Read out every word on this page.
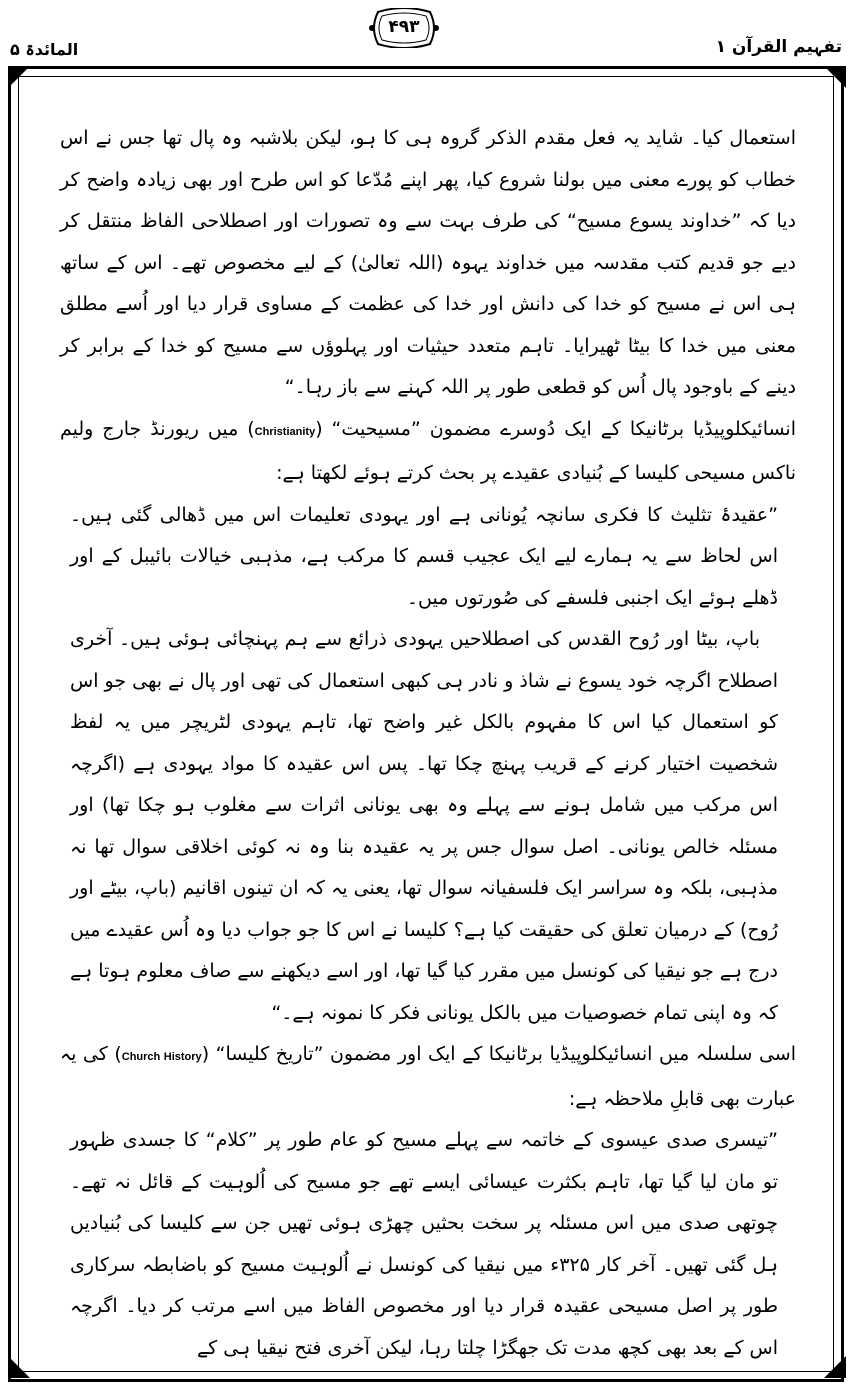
المائدۃ ۵
۴۹۳
تفہیم القرآن ۱

استعمال کیا۔ شاید یہ فعل مقدم الذکر گروہ ہی کا ہو، لیکن بلاشبہ وہ پال تھا جس نے اس خطاب کو پورے معنی میں بولنا شروع کیا، پھر اپنے مُدّعا کو اس طرح اور بھی زیادہ واضح کر دیا کہ ”خداوند یسوع مسیح“ کی طرف بہت سے وہ تصورات اور اصطلاحی الفاظ منتقل کر دیے جو قدیم کتب مقدسہ میں خداوند یہوہ (اللہ تعالیٰ) کے لیے مخصوص تھے۔ اس کے ساتھ ہی اس نے مسیح کو خدا کی دانش اور خدا کی عظمت کے مساوی قرار دیا اور اُسے مطلق معنی میں خدا کا بیٹا ٹھیرایا۔ تاہم متعدد حیثیات اور پہلوؤں سے مسیح کو خدا کے برابر کر دینے کے باوجود پال اُس کو قطعی طور پر اللہ کہنے سے باز رہا۔“

انسائیکلوپیڈیا برٹانیکا کے ایک دُوسرے مضمون ”مسیحیت“ (Christianity) میں ریورنڈ جارج ولیم ناکس مسیحی کلیسا کے بُنیادی عقیدے پر بحث کرتے ہوئے لکھتا ہے:

”عقیدۂ تثلیث کا فکری سانچہ یُونانی ہے اور یہودی تعلیمات اس میں ڈھالی گئی ہیں۔ اس لحاظ سے یہ ہمارے لیے ایک عجیب قسم کا مرکب ہے، مذہبی خیالات بائیبل کے اور ڈھلے ہوئے ایک اجنبی فلسفے کی صُورتوں میں۔

باپ، بیٹا اور رُوح القدس کی اصطلاحیں یہودی ذرائع سے ہم پہنچائی ہوئی ہیں۔ آخری اصطلاح اگرچہ خود یسوع نے شاذ و نادر ہی کبھی استعمال کی تھی اور پال نے بھی جو اس کو استعمال کیا اس کا مفہوم بالکل غیر واضح تھا، تاہم یہودی لٹریچر میں یہ لفظ شخصیت اختیار کرنے کے قریب پہنچ چکا تھا۔ پس اس عقیدہ کا مواد یہودی ہے (اگرچہ اس مرکب میں شامل ہونے سے پہلے وہ بھی یونانی اثرات سے مغلوب ہو چکا تھا) اور مسئلہ خالص یونانی۔ اصل سوال جس پر یہ عقیدہ بنا وہ نہ کوئی اخلاقی سوال تھا نہ مذہبی، بلکہ وہ سراسر ایک فلسفیانہ سوال تھا، یعنی یہ کہ ان تینوں اقانیم (باپ، بیٹے اور رُوح) کے درمیان تعلق کی حقیقت کیا ہے؟ کلیسا نے اس کا جو جواب دیا وہ اُس عقیدے میں درج ہے جو نیقیا کی کونسل میں مقرر کیا گیا تھا، اور اسے دیکھنے سے صاف معلوم ہوتا ہے کہ وہ اپنی تمام خصوصیات میں بالکل یونانی فکر کا نمونہ ہے۔“

اسی سلسلہ میں انسائیکلوپیڈیا برٹانیکا کے ایک اور مضمون ”تاریخ کلیسا“ (Church History) کی یہ عبارت بھی قابلِ ملاحظہ ہے:

”تیسری صدی عیسوی کے خاتمہ سے پہلے مسیح کو عام طور پر ”کلام“ کا جسدی ظہور تو مان لیا گیا تھا، تاہم بکثرت عیسائی ایسے تھے جو مسیح کی اُلوہیت کے قائل نہ تھے۔ چوتھی صدی میں اس مسئلہ پر سخت بحثیں چھڑی ہوئی تھیں جن سے کلیسا کی بُنیادیں ہل گئی تھیں۔ آخر کار ۳۲۵ء میں نیقیا کی کونسل نے اُلوہیت مسیح کو باضابطہ سرکاری طور پر اصل مسیحی عقیدہ قرار دیا اور مخصوص الفاظ میں اسے مرتب کر دیا۔ اگرچہ اس کے بعد بھی کچھ مدت تک جھگڑا چلتا رہا، لیکن آخری فتح نیقیا ہی کے
